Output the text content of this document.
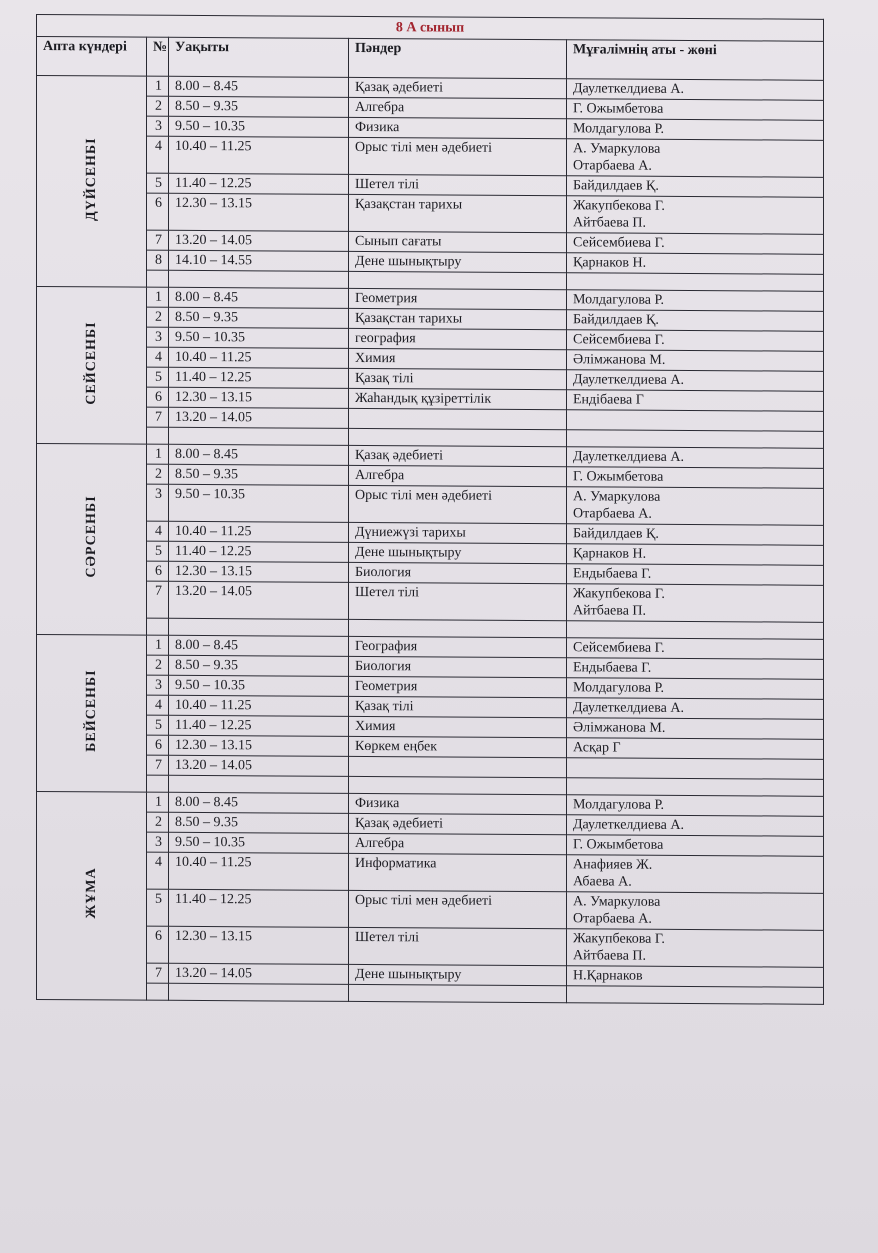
8 А сынып				
Апта күндері	№	Уақыты	Пәндер	Мұғалімнің аты - жөні
ДҮЙСЕНБІ	1	8.00 – 8.45	Қазақ әдебиеті	Даулеткелдиева А.

	2	8.50 – 9.35	Алгебра	Г. Ожымбетова

	3	9.50 – 10.35	Физика	Молдагулова Р.

	4	10.40 – 11.25	Орыс тілі мен әдебиеті	А. Умаркулова
Отарбаева А.

	5	11.40 – 12.25	Шетел тілі	Байдилдаев Қ.

	6	12.30 – 13.15	Қазақстан тарихы	Жакупбекова Г.
Айтбаева П.

	7	13.20 – 14.05	Сынып сағаты	Сейсембиева Г.

	8	14.10 – 14.55	Дене шынықтыру	Қарнаков Н.

СЕЙСЕНБІ	1	8.00 – 8.45	Геометрия	Молдагулова Р.

	2	8.50 – 9.35	Қазақстан тарихы	Байдилдаев Қ.

	3	9.50 – 10.35	география	Сейсембиева Г.

	4	10.40 – 11.25	Химия	Әлімжанова М.

	5	11.40 – 12.25	Қазақ тілі	Даулеткелдиева А.

	6	12.30 – 13.15	Жаһандық құзіреттілік	Ендібаева Г

	7	13.20 – 14.05		

СӘРСЕНБІ	1	8.00 – 8.45	Қазақ әдебиеті	Даулеткелдиева А.

	2	8.50 – 9.35	Алгебра	Г. Ожымбетова

	3	9.50 – 10.35	Орыс тілі мен әдебиеті	А. Умаркулова
Отарбаева А.

	4	10.40 – 11.25	Дүниежүзі тарихы	Байдилдаев Қ.

	5	11.40 – 12.25	Дене шынықтыру	Қарнаков Н.

	6	12.30 – 13.15	Биология	Ендыбаева Г.

	7	13.20 – 14.05	Шетел тілі	Жакупбекова Г.
Айтбаева П.

БЕЙСЕНБІ	1	8.00 – 8.45	География	Сейсембиева Г.

	2	8.50 – 9.35	Биология	Ендыбаева Г.

	3	9.50 – 10.35	Геометрия	Молдагулова Р.

	4	10.40 – 11.25	Қазақ тілі	Даулеткелдиева А.

	5	11.40 – 12.25	Химия	Әлімжанова М.

	6	12.30 – 13.15	Көркем еңбек	Асқар Г

	7	13.20 – 14.05		

ЖҰМА	1	8.00 – 8.45	Физика	Молдагулова Р.

	2	8.50 – 9.35	Қазақ әдебиеті	Даулеткелдиева А.

	3	9.50 – 10.35	Алгебра	Г. Ожымбетова

	4	10.40 – 11.25	Информатика	Анафияев Ж.
Абаева А.

	5	11.40 – 12.25	Орыс тілі мен әдебиеті	А. Умаркулова
Отарбаева А.

	6	12.30 – 13.15	Шетел тілі	Жакупбекова Г.
Айтбаева П.

	7	13.20 – 14.05	Дене шынықтыру	Н.Қарнаков
